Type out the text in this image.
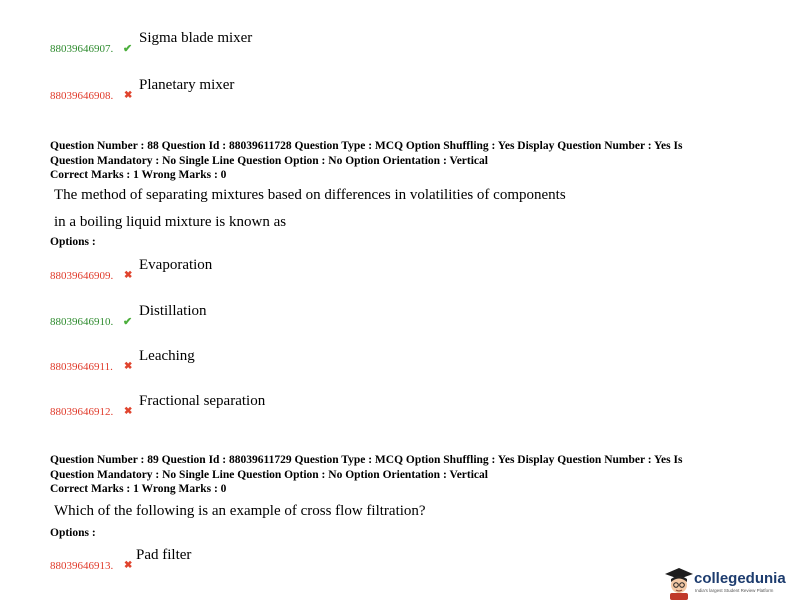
88039646907. ✔
Sigma blade mixer
88039646908. ✖
Planetary mixer
Question Number : 88 Question Id : 88039611728 Question Type : MCQ Option Shuffling : Yes Display Question Number : Yes Is
Question Mandatory : No Single Line Question Option : No Option Orientation : Vertical
Correct Marks : 1 Wrong Marks : 0
The method of separating mixtures based on differences in volatilities of components
in a boiling liquid mixture is known as
Options :
88039646909. ✖
Evaporation
88039646910. ✔
Distillation
88039646911. ✖
Leaching
88039646912. ✖
Fractional separation
Question Number : 89 Question Id : 88039611729 Question Type : MCQ Option Shuffling : Yes Display Question Number : Yes Is
Question Mandatory : No Single Line Question Option : No Option Orientation : Vertical
Correct Marks : 1 Wrong Marks : 0
Which of the following is an example of cross flow filtration?
Options :
88039646913. ✖
Pad filter
collegedunia
India's largest Student Review Platform
